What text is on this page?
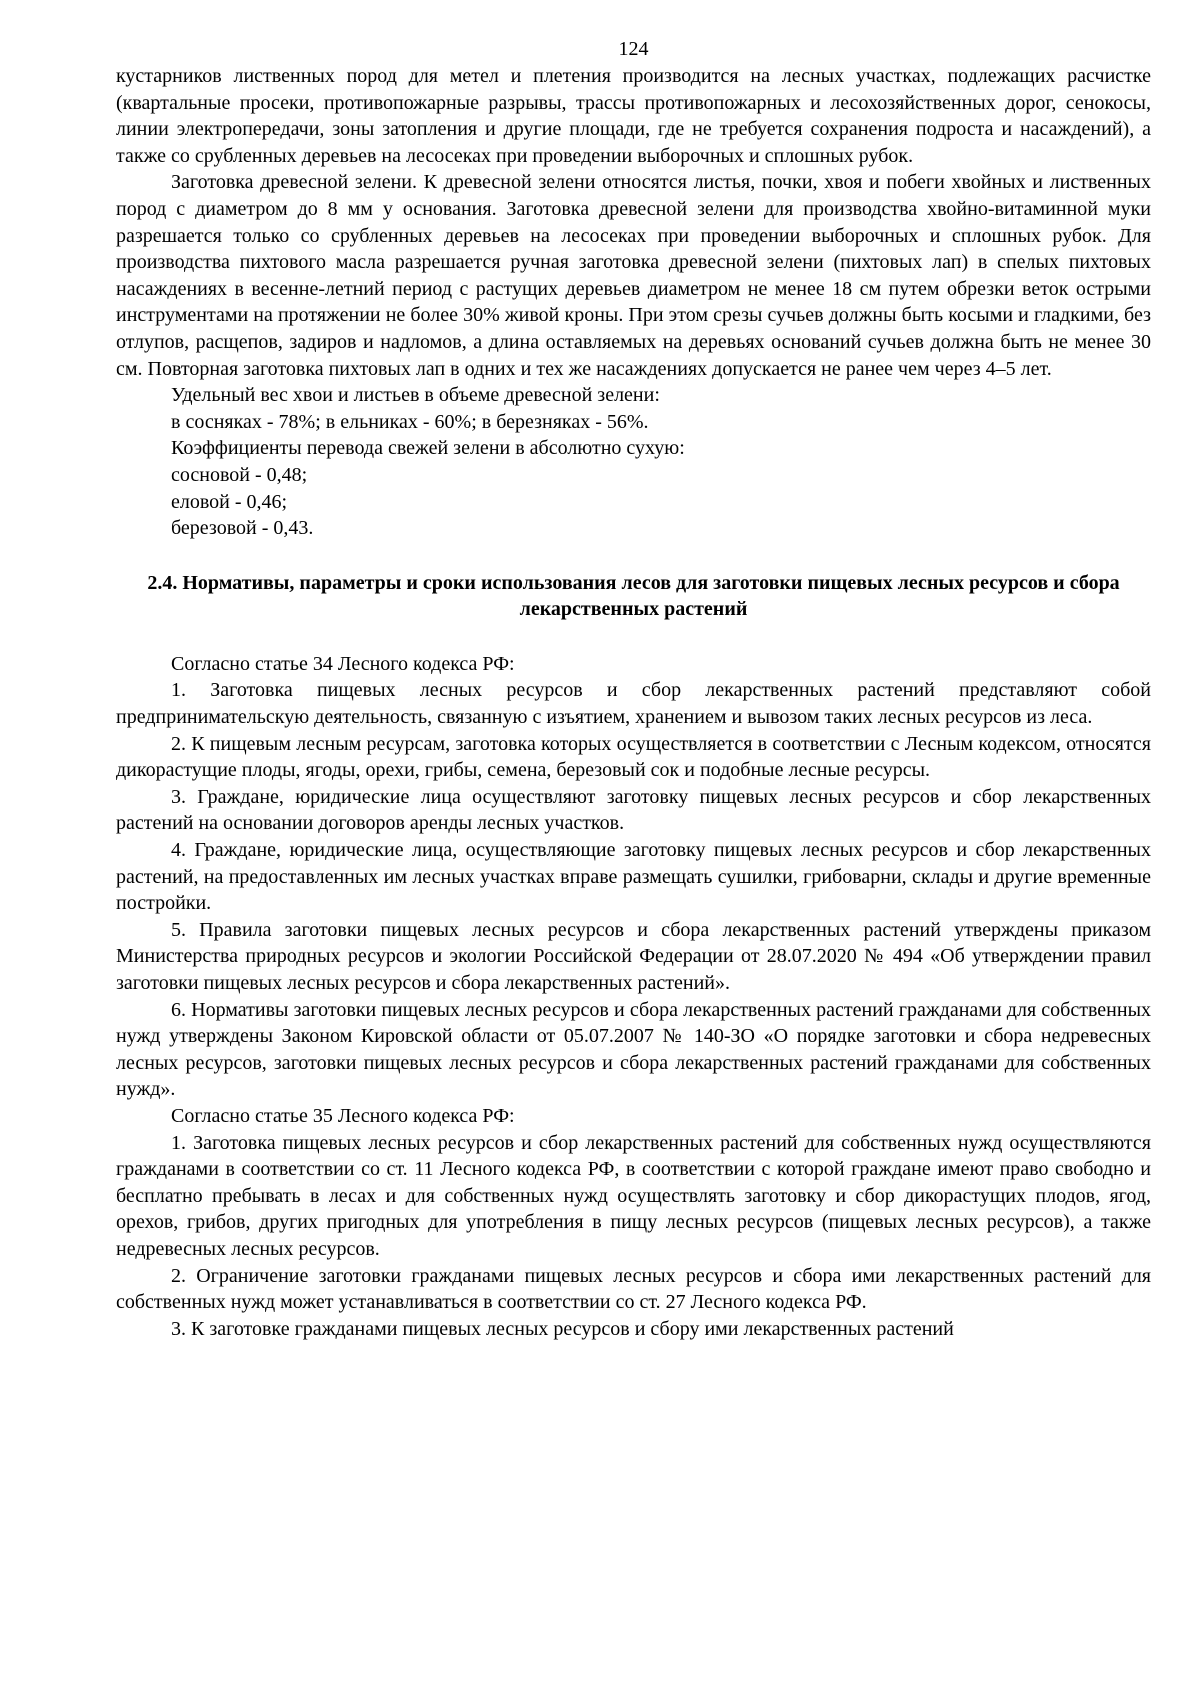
124

кустарников лиственных пород для метел и плетения производится на лесных участках, подлежащих расчистке (квартальные просеки, противопожарные разрывы, трассы противопожарных и лесохозяйственных дорог, сенокосы, линии электропередачи, зоны затопления и другие площади, где не требуется сохранения подроста и насаждений), а также со срубленных деревьев на лесосеках при проведении выборочных и сплошных рубок.

Заготовка древесной зелени. К древесной зелени относятся листья, почки, хвоя и побеги хвойных и лиственных пород с диаметром до 8 мм у основания. Заготовка древесной зелени для производства хвойно-витаминной муки разрешается только со срубленных деревьев на лесосеках при проведении выборочных и сплошных рубок. Для производства пихтового масла разрешается ручная заготовка древесной зелени (пихтовых лап) в спелых пихтовых насаждениях в весенне-летний период с растущих деревьев диаметром не менее 18 см путем обрезки веток острыми инструментами на протяжении не более 30% живой кроны. При этом срезы сучьев должны быть косыми и гладкими, без отлупов, расщепов, задиров и надломов, а длина оставляемых на деревьях оснований сучьев должна быть не менее 30 см. Повторная заготовка пихтовых лап в одних и тех же насаждениях допускается не ранее чем через 4–5 лет.

Удельный вес хвои и листьев в объеме древесной зелени:

в сосняках - 78%; в ельниках - 60%; в березняках - 56%.

Коэффициенты перевода свежей зелени в абсолютно сухую:

сосновой - 0,48;

еловой - 0,46;

березовой - 0,43.

2.4. Нормативы, параметры и сроки использования лесов для заготовки пищевых лесных ресурсов и сбора лекарственных растений

Согласно статье 34 Лесного кодекса РФ:

1. Заготовка пищевых лесных ресурсов и сбор лекарственных растений представляют собой предпринимательскую деятельность, связанную с изъятием, хранением и вывозом таких лесных ресурсов из леса.

2. К пищевым лесным ресурсам, заготовка которых осуществляется в соответствии с Лесным кодексом, относятся дикорастущие плоды, ягоды, орехи, грибы, семена, березовый сок и подобные лесные ресурсы.

3. Граждане, юридические лица осуществляют заготовку пищевых лесных ресурсов и сбор лекарственных растений на основании договоров аренды лесных участков.

4. Граждане, юридические лица, осуществляющие заготовку пищевых лесных ресурсов и сбор лекарственных растений, на предоставленных им лесных участках вправе размещать сушилки, грибоварни, склады и другие временные постройки.

5. Правила заготовки пищевых лесных ресурсов и сбора лекарственных растений утверждены приказом Министерства природных ресурсов и экологии Российской Федерации от 28.07.2020 № 494 «Об утверждении правил заготовки пищевых лесных ресурсов и сбора лекарственных растений».

6. Нормативы заготовки пищевых лесных ресурсов и сбора лекарственных растений гражданами для собственных нужд утверждены Законом Кировской области от 05.07.2007 № 140-ЗО «О порядке заготовки и сбора недревесных лесных ресурсов, заготовки пищевых лесных ресурсов и сбора лекарственных растений гражданами для собственных нужд».

Согласно статье 35 Лесного кодекса РФ:

1. Заготовка пищевых лесных ресурсов и сбор лекарственных растений для собственных нужд осуществляются гражданами в соответствии со ст. 11 Лесного кодекса РФ, в соответствии с которой граждане имеют право свободно и бесплатно пребывать в лесах и для собственных нужд осуществлять заготовку и сбор дикорастущих плодов, ягод, орехов, грибов, других пригодных для употребления в пищу лесных ресурсов (пищевых лесных ресурсов), а также недревесных лесных ресурсов.

2. Ограничение заготовки гражданами пищевых лесных ресурсов и сбора ими лекарственных растений для собственных нужд может устанавливаться в соответствии со ст. 27 Лесного кодекса РФ.

3. К заготовке гражданами пищевых лесных ресурсов и сбору ими лекарственных растений
